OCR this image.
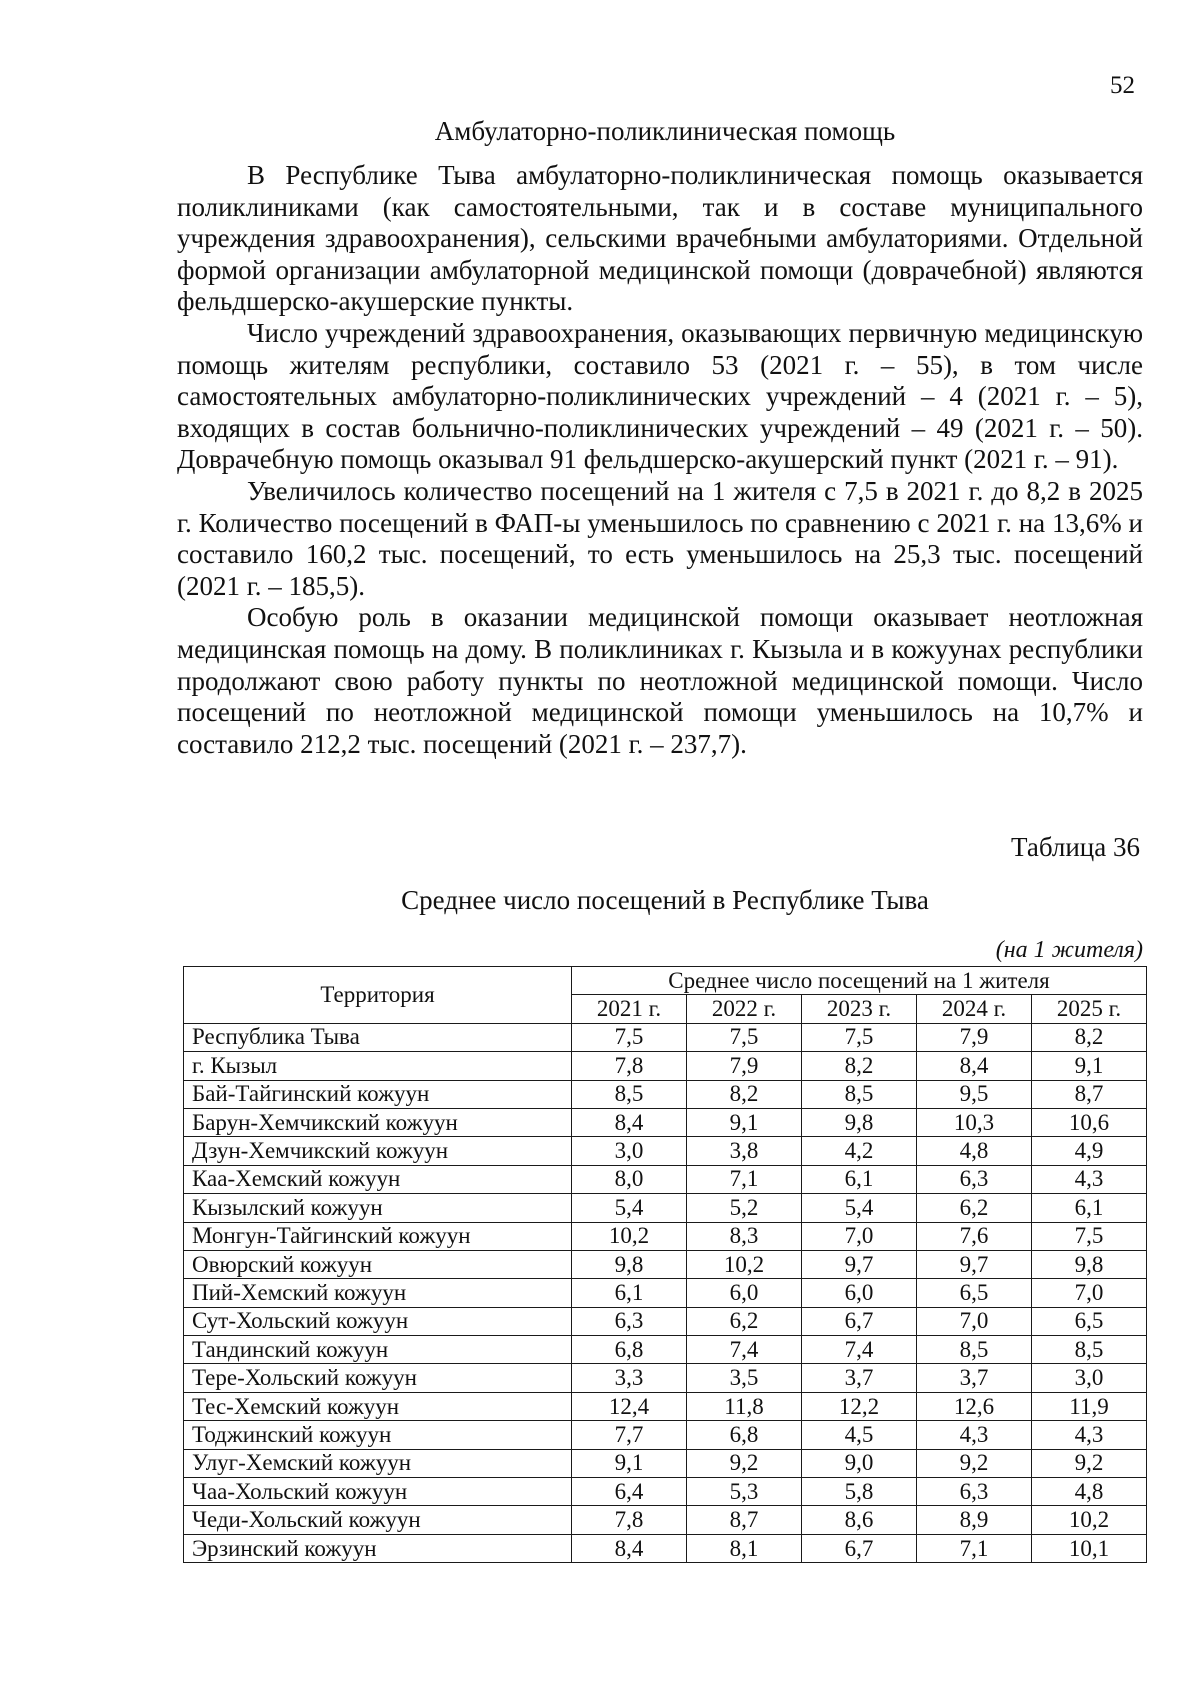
52
Амбулаторно-поликлиническая помощь

В Республике Тыва амбулаторно-поликлиническая помощь оказывается поликлиниками (как самостоятельными, так и в составе муниципального учреждения здравоохранения), сельскими врачебными амбулаториями. Отдельной формой организации амбулаторной медицинской помощи (доврачебной) являются фельдшерско-акушерские пункты.

Число учреждений здравоохранения, оказывающих первичную медицинскую помощь жителям республики, составило 53 (2021 г. – 55), в том числе самостоятельных амбулаторно-поликлинических учреждений – 4 (2021 г. – 5), входящих в состав больнично-поликлинических учреждений – 49 (2021 г. – 50). Доврачебную помощь оказывал 91 фельдшерско-акушерский пункт (2021 г. – 91).

Увеличилось количество посещений на 1 жителя с 7,5 в 2021 г. до 8,2 в 2025 г. Количество посещений в ФАП-ы уменьшилось по сравнению с 2021 г. на 13,6% и составило 160,2 тыс. посещений, то есть уменьшилось на 25,3 тыс. посещений (2021 г. – 185,5).

Особую роль в оказании медицинской помощи оказывает неотложная медицинская помощь на дому. В поликлиниках г. Кызыла и в кожуунах республики продолжают свою работу пункты по неотложной медицинской помощи. Число посещений по неотложной медицинской помощи уменьшилось на 10,7% и составило 212,2 тыс. посещений (2021 г. – 237,7).

Таблица 36
Среднее число посещений в Республике Тыва
(на 1 жителя)
Территория	Среднее число посещений на 1 жителя				
	2021 г.	2022 г.	2023 г.	2024 г.	2025 г.
Республика Тыва	7,5	7,5	7,5	7,9	8,2
г. Кызыл	7,8	7,9	8,2	8,4	9,1
Бай-Тайгинский кожуун	8,5	8,2	8,5	9,5	8,7
Барун-Хемчикский кожуун	8,4	9,1	9,8	10,3	10,6
Дзун-Хемчикский кожуун	3,0	3,8	4,2	4,8	4,9
Каа-Хемский кожуун	8,0	7,1	6,1	6,3	4,3
Кызылский кожуун	5,4	5,2	5,4	6,2	6,1
Монгун-Тайгинский кожуун	10,2	8,3	7,0	7,6	7,5
Овюрский кожуун	9,8	10,2	9,7	9,7	9,8
Пий-Хемский кожуун	6,1	6,0	6,0	6,5	7,0
Сут-Хольский кожуун	6,3	6,2	6,7	7,0	6,5
Тандинский кожуун	6,8	7,4	7,4	8,5	8,5
Тере-Хольский кожуун	3,3	3,5	3,7	3,7	3,0
Тес-Хемский кожуун	12,4	11,8	12,2	12,6	11,9
Тоджинский кожуун	7,7	6,8	4,5	4,3	4,3
Улуг-Хемский кожуун	9,1	9,2	9,0	9,2	9,2
Чаа-Хольский кожуун	6,4	5,3	5,8	6,3	4,8
Чеди-Хольский кожуун	7,8	8,7	8,6	8,9	10,2
Эрзинский кожуун	8,4	8,1	6,7	7,1	10,1
